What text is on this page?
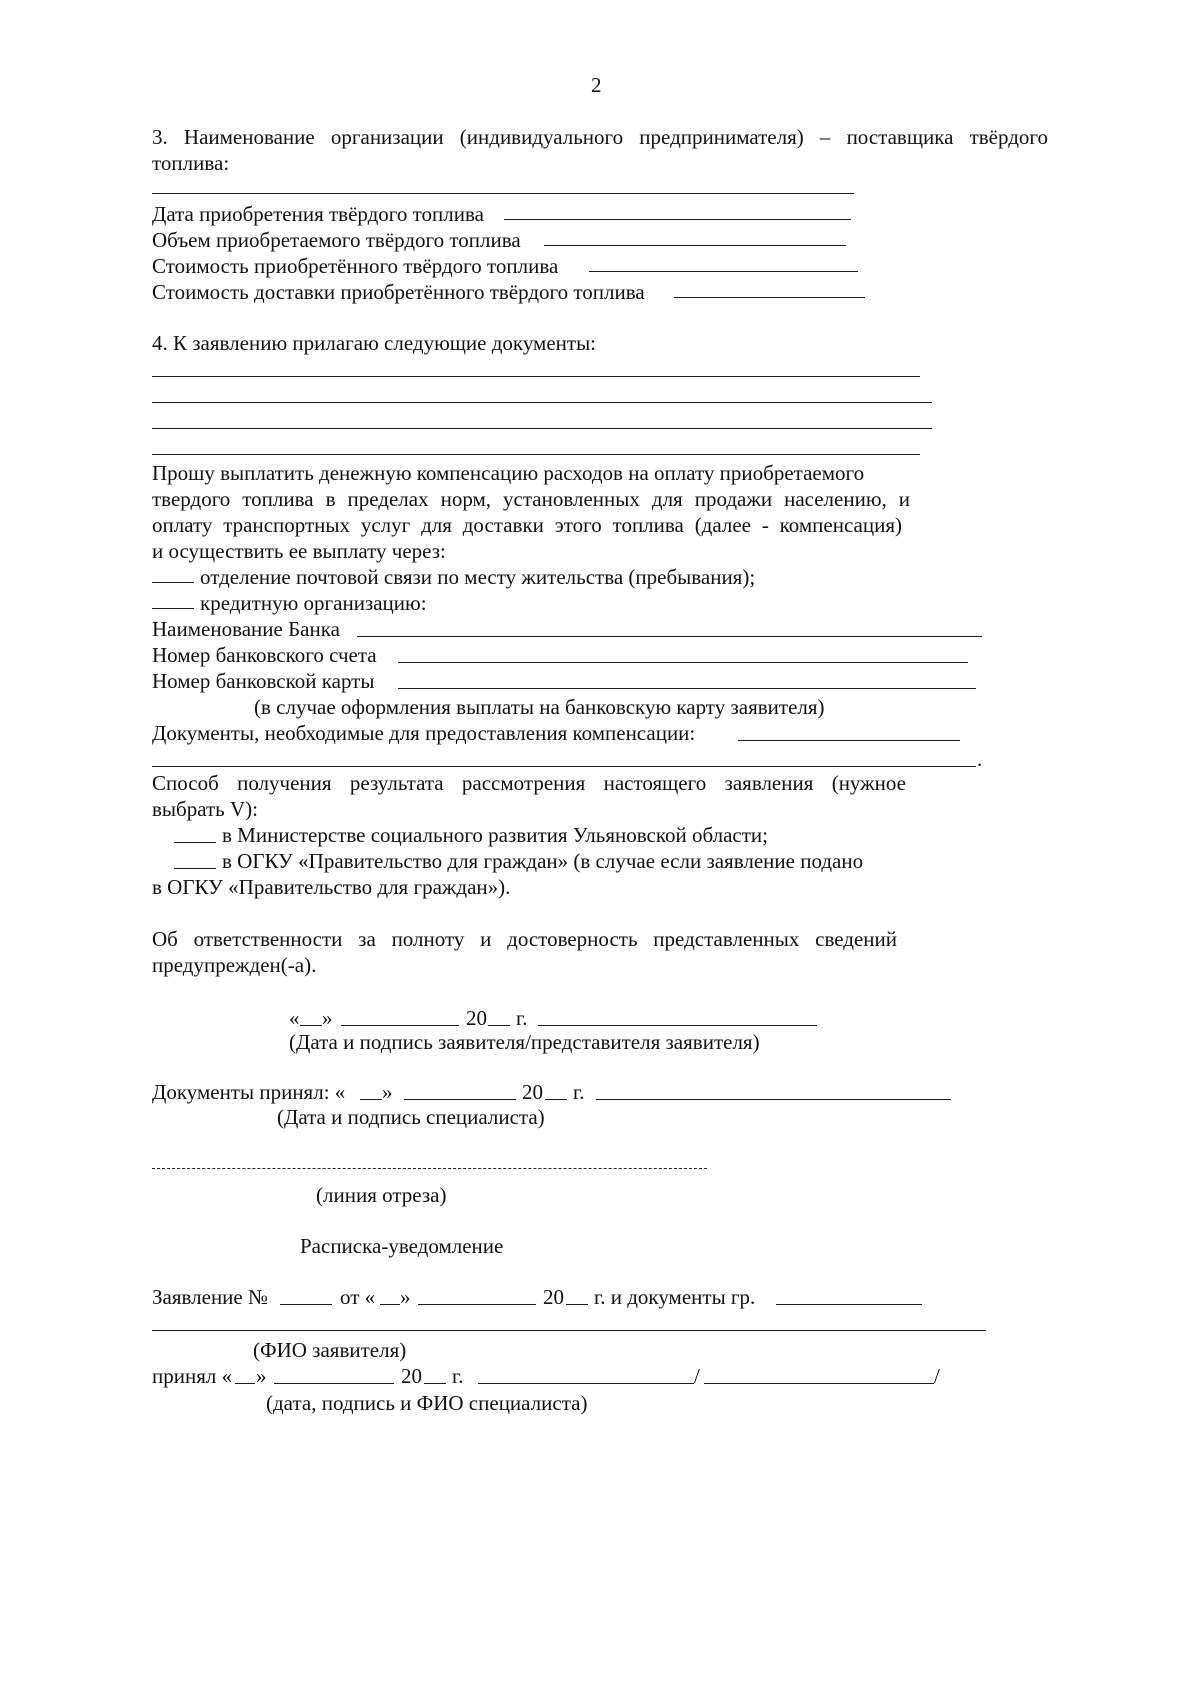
2
3. Наименование организации (индивидуального предпринимателя) – поставщика твёрдого
топлива:
Дата приобретения твёрдого топлива
Объем приобретаемого твёрдого топлива
Стоимость приобретённого твёрдого топлива
Стоимость доставки приобретённого твёрдого топлива
4. К заявлению прилагаю следующие документы:
Прошу выплатить денежную компенсацию расходов на оплату приобретаемого
твердого топлива в пределах норм, установленных для продажи населению, и
оплату транспортных услуг для доставки этого топлива (далее - компенсация)
и осуществить ее выплату через:
отделение почтовой связи по месту жительства (пребывания);
кредитную организацию:
Наименование Банка
Номер банковского счета
Номер банковской карты
(в случае оформления выплаты на банковскую карту заявителя)
Документы, необходимые для предоставления компенсации:
.
Способ получения результата рассмотрения настоящего заявления (нужное
выбрать V):
в Министерстве социального развития Ульяновской области;
в ОГКУ «Правительство для граждан» (в случае если заявление подано
в ОГКУ «Правительство для граждан»).
Об ответственности за полноту и достоверность представленных сведений
предупрежден(-а).
« »	20 г.
(Дата и подпись заявителя/представителя заявителя)
Документы принял: « »	20 г.
(Дата и подпись специалиста)
(линия отреза)
Расписка-уведомление
Заявление №	от « »	20 г. и документы гр.
(ФИО заявителя)
принял « »	20 г.	/	/
(дата, подпись и ФИО специалиста)
